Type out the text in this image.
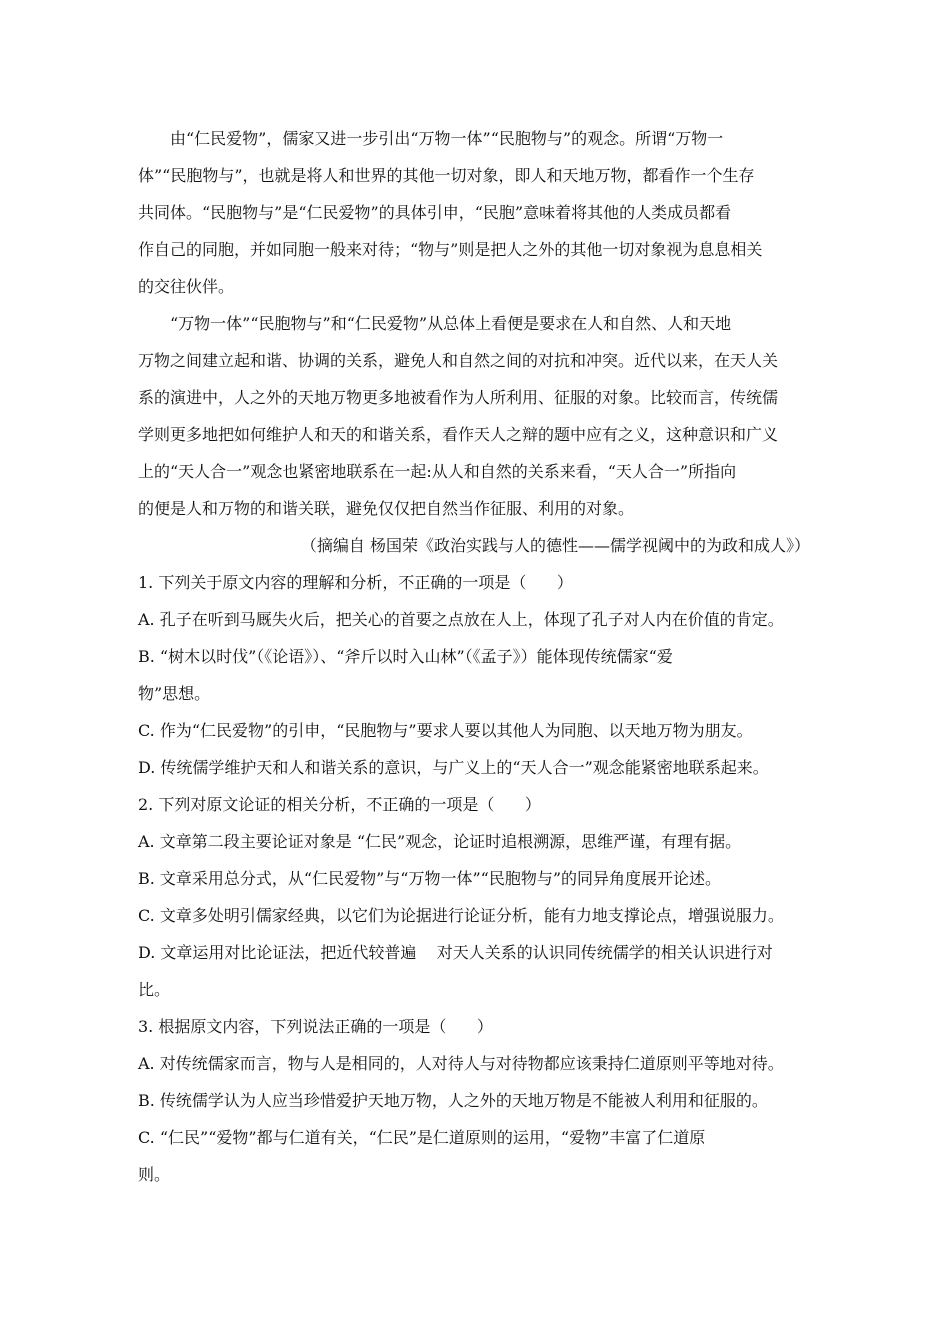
由“仁民爱物”，儒家又进一步引出“万物一体”“民胞物与”的观念。所谓“万物一
体”“民胞物与”，也就是将人和世界的其他一切对象，即人和天地万物，都看作一个生存
共同体。“民胞物与”是“仁民爱物”的具体引申，“民胞”意味着将其他的人类成员都看
作自己的同胞，并如同胞一般来对待；“物与”则是把人之外的其他一切对象视为息息相关
的交往伙伴。
“万物一体”“民胞物与”和“仁民爱物”从总体上看便是要求在人和自然、人和天地
万物之间建立起和谐、协调的关系，避免人和自然之间的对抗和冲突。近代以来，在天人关
系的演进中，人之外的天地万物更多地被看作为人所利用、征服的对象。比较而言，传统儒
学则更多地把如何维护人和天的和谐关系，看作天人之辩的题中应有之义，这种意识和广义
上的“天人合一”观念也紧密地联系在一起:从人和自然的关系来看，“天人合一”所指向
的便是人和万物的和谐关联，避免仅仅把自然当作征服、利用的对象。
（摘编自 杨国荣《政治实践与人的德性——儒学视阈中的为政和成人》）
1. 下列关于原文内容的理解和分析，不正确的一项是（      ）
A. 孔子在听到马厩失火后，把关心的首要之点放在人上，体现了孔子对人内在价值的肯定。
B. “树木以时伐”（《论语》）、“斧斤以时入山林”（《孟子》）能体现传统儒家“爱
物”思想。
C. 作为“仁民爱物”的引申，“民胞物与”要求人要以其他人为同胞、以天地万物为朋友。
D. 传统儒学维护天和人和谐关系的意识，与广义上的“天人合一”观念能紧密地联系起来。
2. 下列对原文论证的相关分析，不正确的一项是（      ）
A. 文章第二段主要论证对象是 “仁民”观念，论证时追根溯源，思维严谨，有理有据。
B. 文章采用总分式，从“仁民爱物”与“万物一体”“民胞物与”的同异角度展开论述。
C. 文章多处明引儒家经典，以它们为论据进行论证分析，能有力地支撑论点，增强说服力。
D. 文章运用对比论证法，把近代较普遍    对天人关系的认识同传统儒学的相关认识进行对
比。
3. 根据原文内容，下列说法正确的一项是（      ）
A. 对传统儒家而言，物与人是相同的，人对待人与对待物都应该秉持仁道原则平等地对待。
B. 传统儒学认为人应当珍惜爱护天地万物，人之外的天地万物是不能被人利用和征服的。
C. “仁民”“爱物”都与仁道有关，“仁民”是仁道原则的运用，“爱物”丰富了仁道原
则。
